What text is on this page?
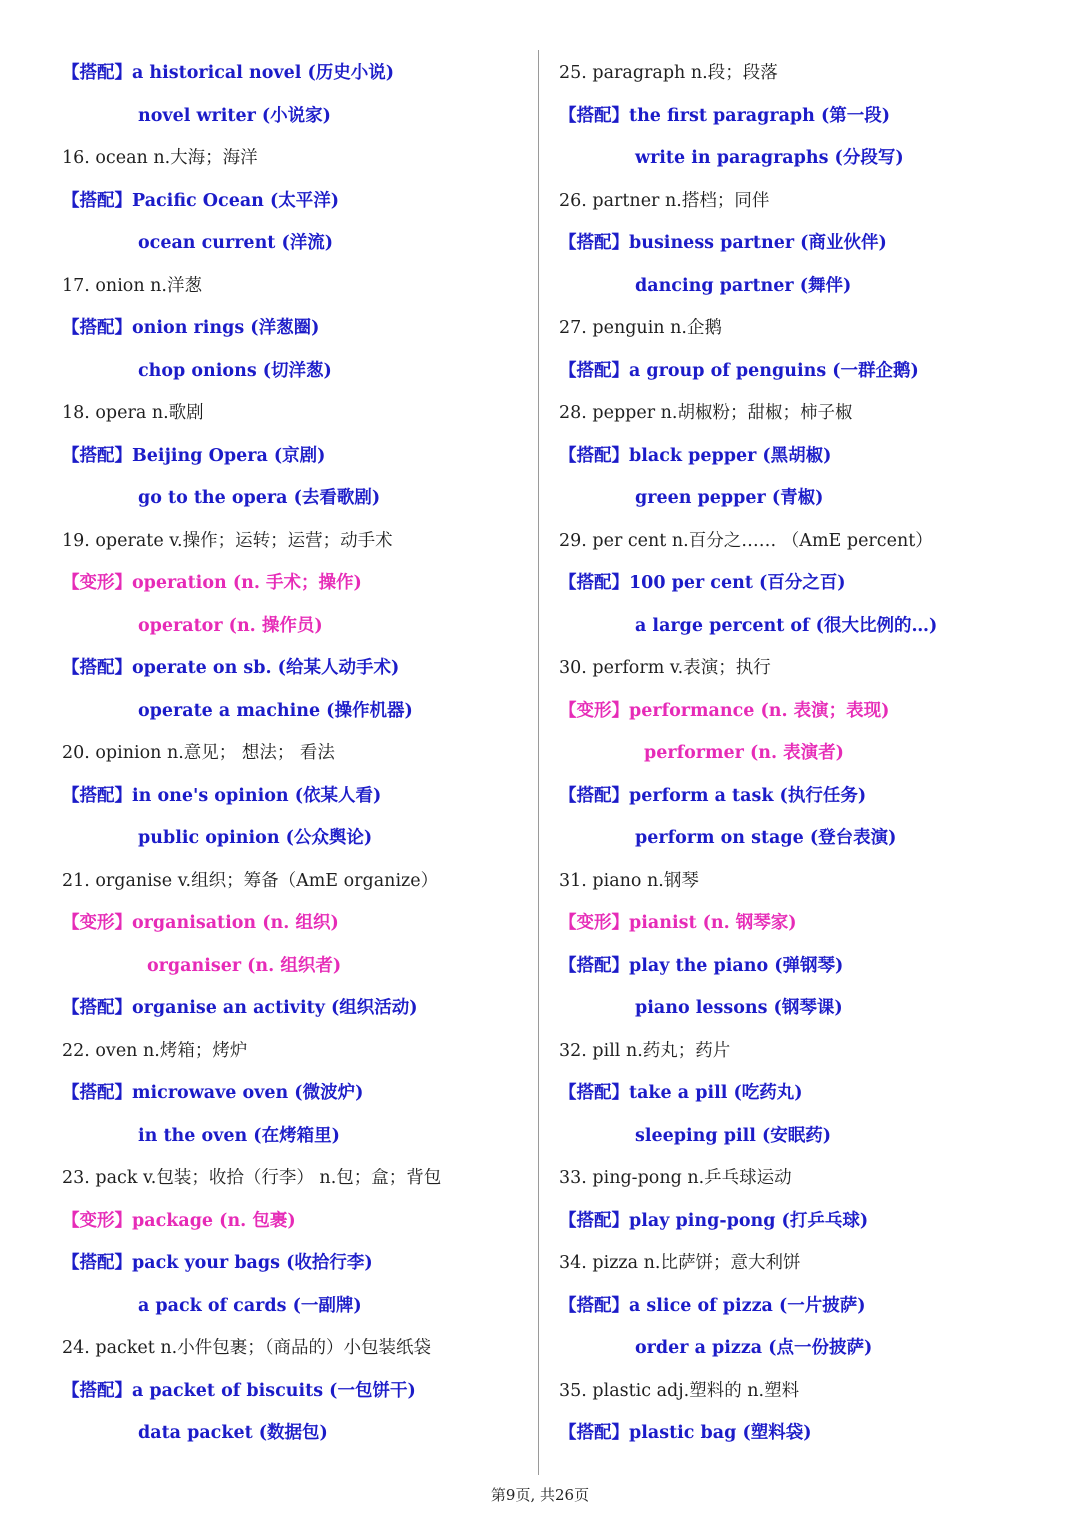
【搭配】a historical novel (历史小说)
novel writer (小说家)
16. ocean n.大海；海洋
【搭配】Pacific Ocean (太平洋)
ocean current (洋流)
17. onion n.洋葱
【搭配】onion rings (洋葱圈)
chop onions (切洋葱)
18. opera n.歌剧
【搭配】Beijing Opera (京剧)
go to the opera (去看歌剧)
19. operate v.操作；运转；运营；动手术
【变形】operation (n. 手术；操作)
operator (n. 操作员)
【搭配】operate on sb. (给某人动手术)
operate a machine (操作机器)
20. opinion n.意见； 想法； 看法
【搭配】in one's opinion (依某人看)
public opinion (公众舆论)
21. organise v.组织；筹备（AmE organize）
【变形】organisation (n. 组织)
organiser (n. 组织者)
【搭配】organise an activity (组织活动)
22. oven n.烤箱；烤炉
【搭配】microwave oven (微波炉)
in the oven (在烤箱里)
23. pack v.包装；收拾（行李） n.包；盒；背包
【变形】package (n. 包裹)
【搭配】pack your bags (收拾行李)
a pack of cards (一副牌)
24. packet n.小件包裹；（商品的）小包装纸袋
【搭配】a packet of biscuits (一包饼干)
data packet (数据包)
25. paragraph n.段；段落
【搭配】the first paragraph (第一段)
write in paragraphs (分段写)
26. partner n.搭档；同伴
【搭配】business partner (商业伙伴)
dancing partner (舞伴)
27. penguin n.企鹅
【搭配】a group of penguins (一群企鹅)
28. pepper n.胡椒粉；甜椒；柿子椒
【搭配】black pepper (黑胡椒)
green pepper (青椒)
29. per cent n.百分之…… （AmE percent）
【搭配】100 per cent (百分之百)
a large percent of (很大比例的…)
30. perform v.表演；执行
【变形】performance (n. 表演；表现)
performer (n. 表演者)
【搭配】perform a task (执行任务)
perform on stage (登台表演)
31. piano n.钢琴
【变形】pianist (n. 钢琴家)
【搭配】play the piano (弹钢琴)
piano lessons (钢琴课)
32. pill n.药丸；药片
【搭配】take a pill (吃药丸)
sleeping pill (安眠药)
33. ping-pong n.乒乓球运动
【搭配】play ping-pong (打乒乓球)
34. pizza n.比萨饼；意大利饼
【搭配】a slice of pizza (一片披萨)
order a pizza (点一份披萨)
35. plastic adj.塑料的 n.塑料
【搭配】plastic bag (塑料袋)
第9页, 共26页
